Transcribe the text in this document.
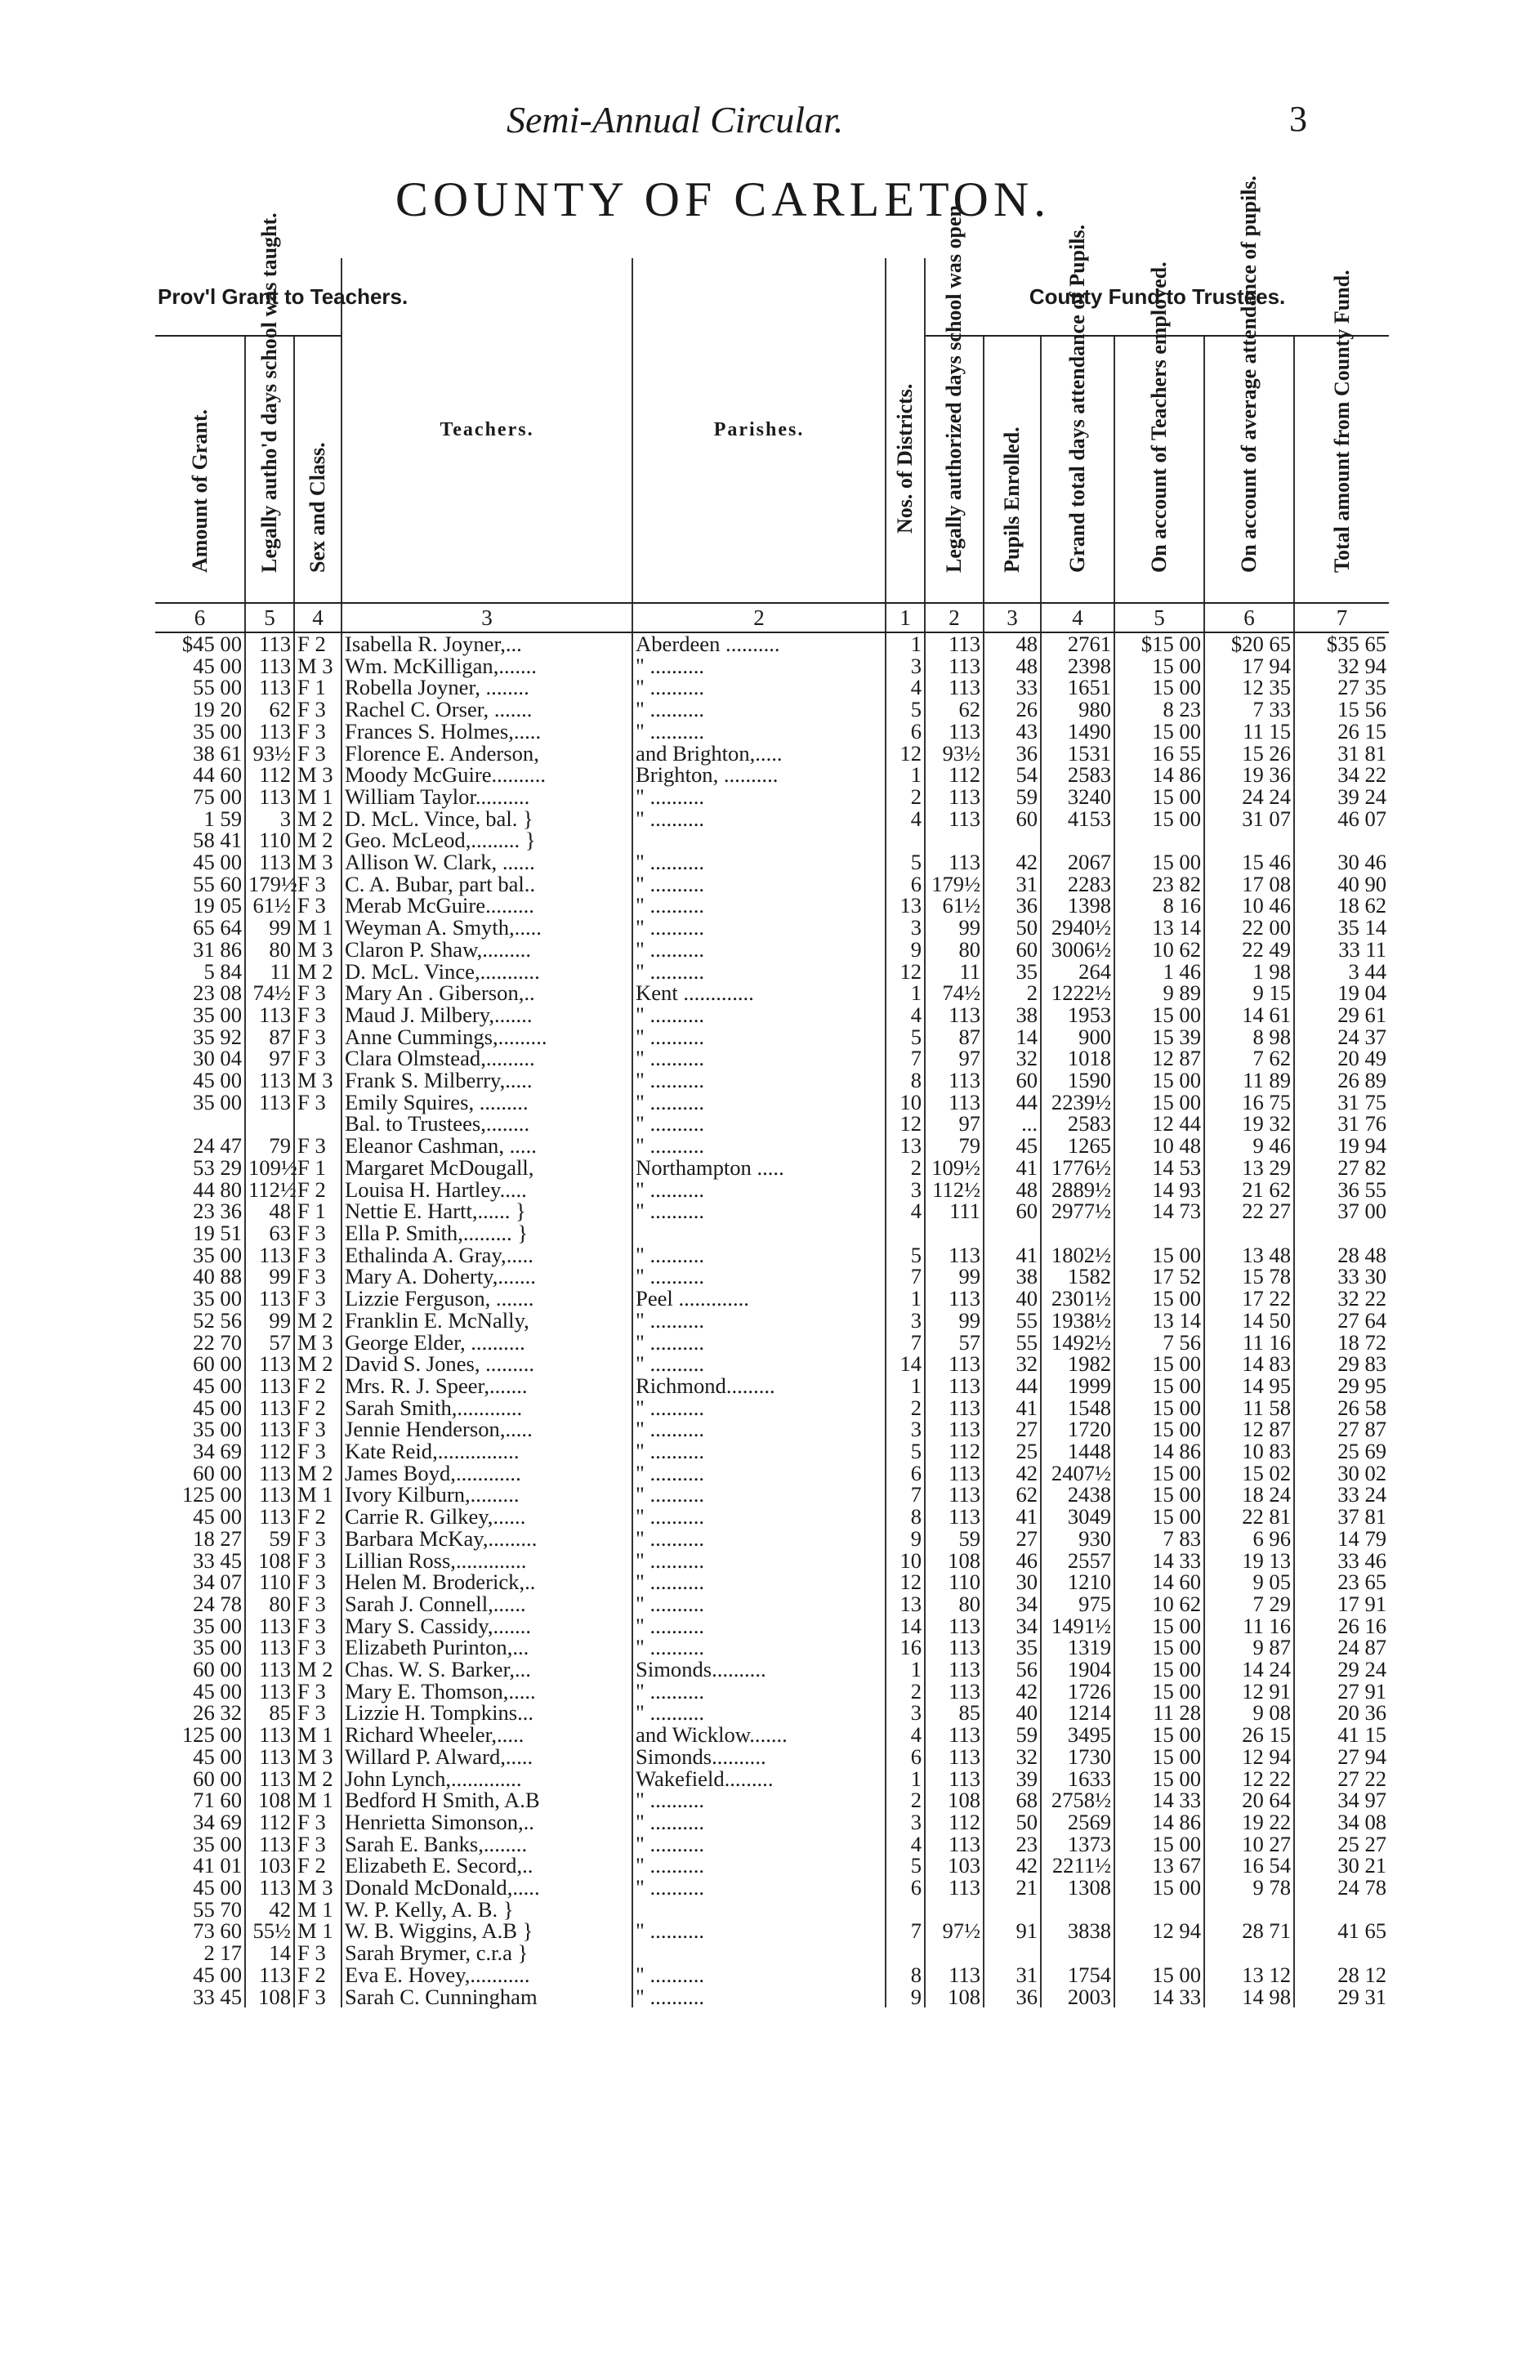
Semi-Annual Circular.	3
COUNTY OF CARLETON.
Prov'l Grant to Teachers.			Teachers.	Parishes.	Nos. of Districts.	County Fund to Trustees.					

Amount of Grant.	Legally autho'd days school was taught.	Sex and Class.				Legally authorized days school was open	Pupils Enrolled.	Grand total days attendance of Pupils.	On account of Teachers employed.	On account of average attendance of pupils.	Total amount from County Fund.

6	5	4	3	2	1	2	3	4	5	6	7
$45 00	113	F 2	Isabella R. Joyner,...	Aberdeen ..........	1	113	48	2761	$15 00	$20 65	$35 65
45 00	113	M 3	Wm. McKilligan,.......	" ..........	3	113	48	2398	15 00	17 94	32 94
55 00	113	F 1	Robella Joyner, ........	" ..........	4	113	33	1651	15 00	12 35	27 35
19 20	62	F 3	Rachel C. Orser, .......	" ..........	5	62	26	980	8 23	7 33	15 56
35 00	113	F 3	Frances S. Holmes,.....	" ..........	6	113	43	1490	15 00	11 15	26 15
38 61	93½	F 3	Florence E. Anderson,	and Brighton,.....	12	93½	36	1531	16 55	15 26	31 81
44 60	112	M 3	Moody McGuire..........	Brighton, ..........	1	112	54	2583	14 86	19 36	34 22
75 00	113	M 1	William Taylor..........	" ..........	2	113	59	3240	15 00	24 24	39 24
1 59	3	M 2	D. McL. Vince, bal. }	" ..........	4	113	60	4153	15 00	31 07	46 07
58 41	110	M 2	Geo. McLeod,......... }								
45 00	113	M 3	Allison W. Clark, ......	" ..........	5	113	42	2067	15 00	15 46	30 46
55 60	179½	F 3	C. A. Bubar, part bal..	" ..........	6	179½	31	2283	23 82	17 08	40 90
19 05	61½	F 3	Merab McGuire.........	" ..........	13	61½	36	1398	8 16	10 46	18 62
65 64	99	M 1	Weyman A. Smyth,.....	" ..........	3	99	50	2940½	13 14	22 00	35 14
31 86	80	M 3	Claron P. Shaw,.........	" ..........	9	80	60	3006½	10 62	22 49	33 11
5 84	11	M 2	D. McL. Vince,...........	" ..........	12	11	35	264	1 46	1 98	3 44
23 08	74½	F 3	Mary An . Giberson,..	Kent .............	1	74½	2	1222½	9 89	9 15	19 04
35 00	113	F 3	Maud J. Milbery,.......	" ..........	4	113	38	1953	15 00	14 61	29 61
35 92	87	F 3	Anne Cummings,.........	" ..........	5	87	14	900	15 39	8 98	24 37
30 04	97	F 3	Clara Olmstead,.........	" ..........	7	97	32	1018	12 87	7 62	20 49
45 00	113	M 3	Frank S. Milberry,.....	" ..........	8	113	60	1590	15 00	11 89	26 89
35 00	113	F 3	Emily Squires, .........	" ..........	10	113	44	2239½	15 00	16 75	31 75
			Bal. to Trustees,........	" ..........	12	97	...	2583	12 44	19 32	31 76
24 47	79	F 3	Eleanor Cashman, .....	" ..........	13	79	45	1265	10 48	9 46	19 94
53 29	109½	F 1	Margaret McDougall,	Northampton .....	2	109½	41	1776½	14 53	13 29	27 82
44 80	112½	F 2	Louisa H. Hartley.....	" ..........	3	112½	48	2889½	14 93	21 62	36 55
23 36	48	F 1	Nettie E. Hartt,...... }	" ..........	4	111	60	2977½	14 73	22 27	37 00
19 51	63	F 3	Ella P. Smith,......... }								
35 00	113	F 3	Ethalinda A. Gray,.....	" ..........	5	113	41	1802½	15 00	13 48	28 48
40 88	99	F 3	Mary A. Doherty,.......	" ..........	7	99	38	1582	17 52	15 78	33 30
35 00	113	F 3	Lizzie Ferguson, .......	Peel .............	1	113	40	2301½	15 00	17 22	32 22
52 56	99	M 2	Franklin E. McNally,	" ..........	3	99	55	1938½	13 14	14 50	27 64
22 70	57	M 3	George Elder, ..........	" ..........	7	57	55	1492½	7 56	11 16	18 72
60 00	113	M 2	David S. Jones, .........	" ..........	14	113	32	1982	15 00	14 83	29 83
45 00	113	F 2	Mrs. R. J. Speer,.......	Richmond.........	1	113	44	1999	15 00	14 95	29 95
45 00	113	F 2	Sarah Smith,............	" ..........	2	113	41	1548	15 00	11 58	26 58
35 00	113	F 3	Jennie Henderson,.....	" ..........	3	113	27	1720	15 00	12 87	27 87
34 69	112	F 3	Kate Reid,...............	" ..........	5	112	25	1448	14 86	10 83	25 69
60 00	113	M 2	James Boyd,............	" ..........	6	113	42	2407½	15 00	15 02	30 02
125 00	113	M 1	Ivory Kilburn,.........	" ..........	7	113	62	2438	15 00	18 24	33 24
45 00	113	F 2	Carrie R. Gilkey,......	" ..........	8	113	41	3049	15 00	22 81	37 81
18 27	59	F 3	Barbara McKay,.........	" ..........	9	59	27	930	7 83	6 96	14 79
33 45	108	F 3	Lillian Ross,.............	" ..........	10	108	46	2557	14 33	19 13	33 46
34 07	110	F 3	Helen M. Broderick,..	" ..........	12	110	30	1210	14 60	9 05	23 65
24 78	80	F 3	Sarah J. Connell,......	" ..........	13	80	34	975	10 62	7 29	17 91
35 00	113	F 3	Mary S. Cassidy,.......	" ..........	14	113	34	1491½	15 00	11 16	26 16
35 00	113	F 3	Elizabeth Purinton,...	" ..........	16	113	35	1319	15 00	9 87	24 87
60 00	113	M 2	Chas. W. S. Barker,...	Simonds..........	1	113	56	1904	15 00	14 24	29 24
45 00	113	F 3	Mary E. Thomson,.....	" ..........	2	113	42	1726	15 00	12 91	27 91
26 32	85	F 3	Lizzie H. Tompkins...	" ..........	3	85	40	1214	11 28	9 08	20 36
125 00	113	M 1	Richard Wheeler,.....	and Wicklow.......	4	113	59	3495	15 00	26 15	41 15
45 00	113	M 3	Willard P. Alward,.....	Simonds..........	6	113	32	1730	15 00	12 94	27 94
60 00	113	M 2	John Lynch,.............	Wakefield.........	1	113	39	1633	15 00	12 22	27 22
71 60	108	M 1	Bedford H Smith, A.B	" ..........	2	108	68	2758½	14 33	20 64	34 97
34 69	112	F 3	Henrietta Simonson,..	" ..........	3	112	50	2569	14 86	19 22	34 08
35 00	113	F 3	Sarah E. Banks,........	" ..........	4	113	23	1373	15 00	10 27	25 27
41 01	103	F 2	Elizabeth E. Secord,..	" ..........	5	103	42	2211½	13 67	16 54	30 21
45 00	113	M 3	Donald McDonald,.....	" ..........	6	113	21	1308	15 00	9 78	24 78
55 70	42	M 1	W. P. Kelly, A. B. }								
73 60	55½	M 1	W. B. Wiggins, A.B }	" ..........	7	97½	91	3838	12 94	28 71	41 65
2 17	14	F 3	Sarah Brymer, c.r.a }								
45 00	113	F 2	Eva E. Hovey,...........	" ..........	8	113	31	1754	15 00	13 12	28 12
33 45	108	F 3	Sarah C. Cunningham	" ..........	9	108	36	2003	14 33	14 98	29 31
